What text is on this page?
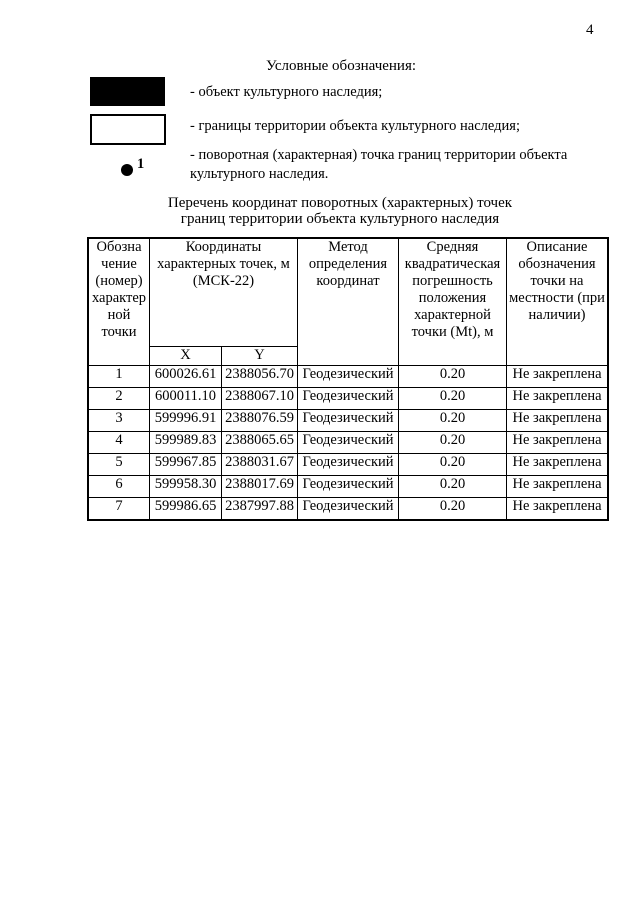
4
Условные обозначения:
- объект культурного наследия;
- границы территории объекта культурного наследия;
1
- поворотная (характерная) точка границ территории объекта культурного наследия.
Перечень координат поворотных (характерных) точек
границ территории объекта культурного наследия
Обозна чение (номер) характер ной точки	Координаты характерных точек, м (МСК-22)		Метод определения координат	Средняя квадратическая погрешность положения характерной точки (Mt), м	Описание обозначения точки на местности (при наличии)
	X	Y			
1	600026.61	2388056.70	Геодезический	0.20	Не закреплена
2	600011.10	2388067.10	Геодезический	0.20	Не закреплена
3	599996.91	2388076.59	Геодезический	0.20	Не закреплена
4	599989.83	2388065.65	Геодезический	0.20	Не закреплена
5	599967.85	2388031.67	Геодезический	0.20	Не закреплена
6	599958.30	2388017.69	Геодезический	0.20	Не закреплена
7	599986.65	2387997.88	Геодезический	0.20	Не закреплена
